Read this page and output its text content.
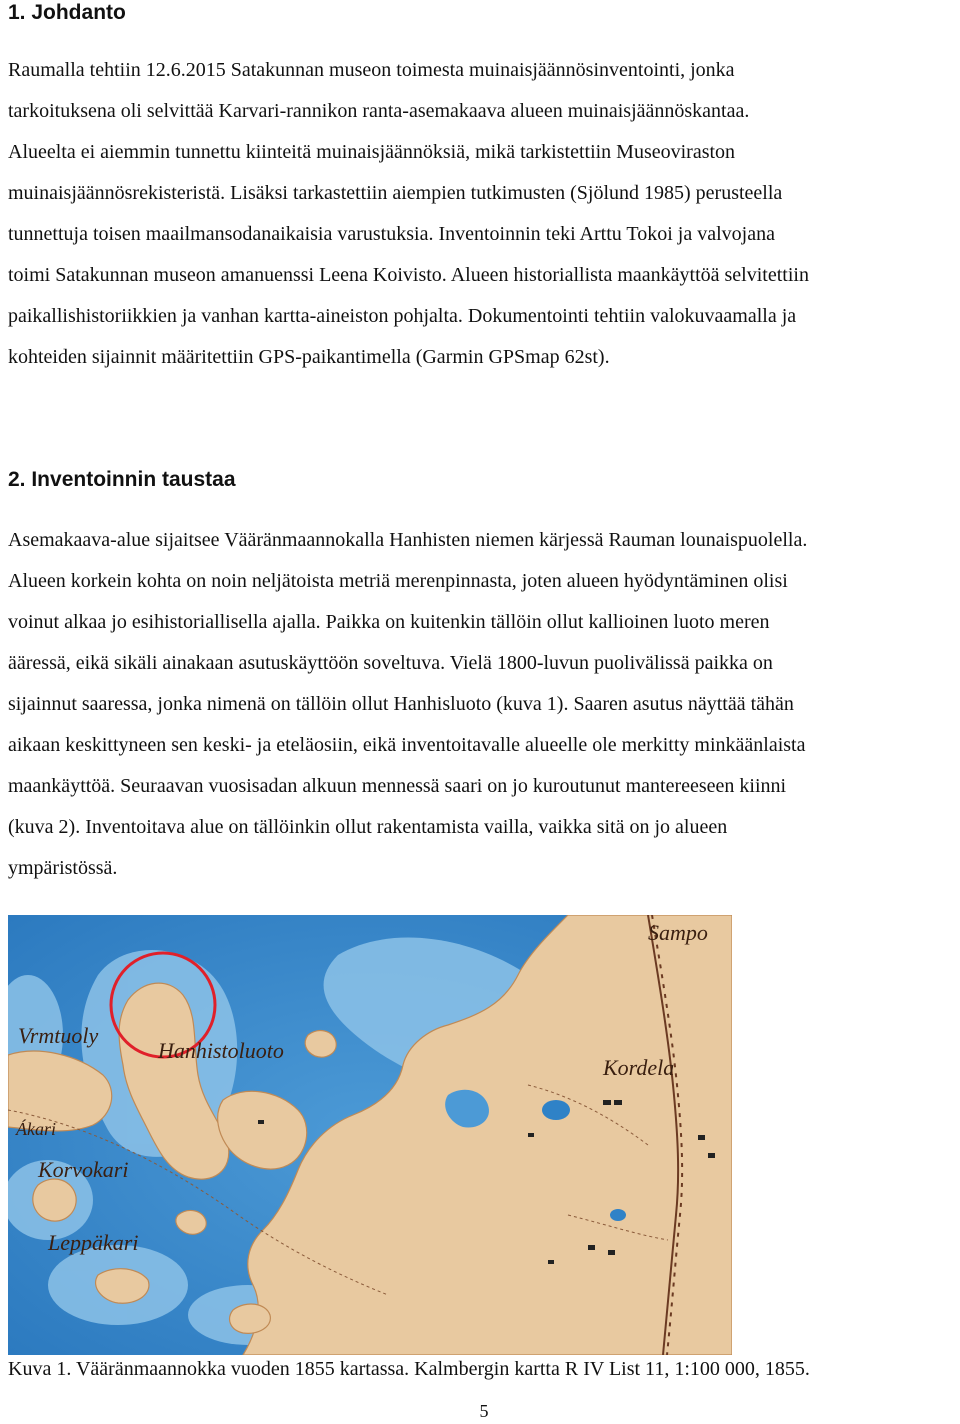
1. Johdanto
Raumalla tehtiin 12.6.2015 Satakunnan museon toimesta muinaisjäännösinventointi, jonka
tarkoituksena oli selvittää Karvari-rannikon ranta-asemakaava alueen muinaisjäännöskantaa.
Alueelta ei aiemmin tunnettu kiinteitä muinaisjäännöksiä, mikä tarkistettiin Museoviraston
muinaisjäännösrekisteristä. Lisäksi tarkastettiin aiempien tutkimusten (Sjölund 1985) perusteella
tunnettuja toisen maailmansodanaikaisia varustuksia. Inventoinnin teki Arttu Tokoi ja valvojana
toimi Satakunnan museon amanuenssi Leena Koivisto. Alueen historiallista maankäyttöä selvitettiin
paikallishistoriikkien ja vanhan kartta-aineiston pohjalta. Dokumentointi tehtiin valokuvaamalla ja
kohteiden sijainnit määritettiin GPS-paikantimella (Garmin GPSmap 62st).
2. Inventoinnin taustaa
Asemakaava-alue sijaitsee Vääränmaannokalla Hanhisten niemen kärjessä Rauman lounaispuolella.
Alueen korkein kohta on noin neljätoista metriä merenpinnasta, joten alueen hyödyntäminen olisi
voinut alkaa jo esihistoriallisella ajalla. Paikka on kuitenkin tällöin ollut kallioinen luoto meren
ääressä, eikä sikäli ainakaan asutuskäyttöön soveltuva. Vielä 1800-luvun puolivälissä paikka on
sijainnut saaressa, jonka nimenä on tällöin ollut Hanhisluoto (kuva 1). Saaren asutus näyttää tähän
aikaan keskittyneen sen keski- ja eteläosiin, eikä inventoitavalle alueelle ole merkitty minkäänlaista
maankäyttöä. Seuraavan vuosisadan alkuun mennessä saari on jo kuroutunut mantereeseen kiinni
(kuva 2). Inventoitava alue on tällöinkin ollut rakentamista vailla, vaikka sitä on jo alueen
ympäristössä.
Vrmtuoly
Hanhistoluoto
Kordela
Sampo
Ákari
Korvokari
Leppäkari
Kuva 1. Vääränmaannokka vuoden 1855 kartassa. Kalmbergin kartta R IV List 11, 1:100 000, 1855.
5
